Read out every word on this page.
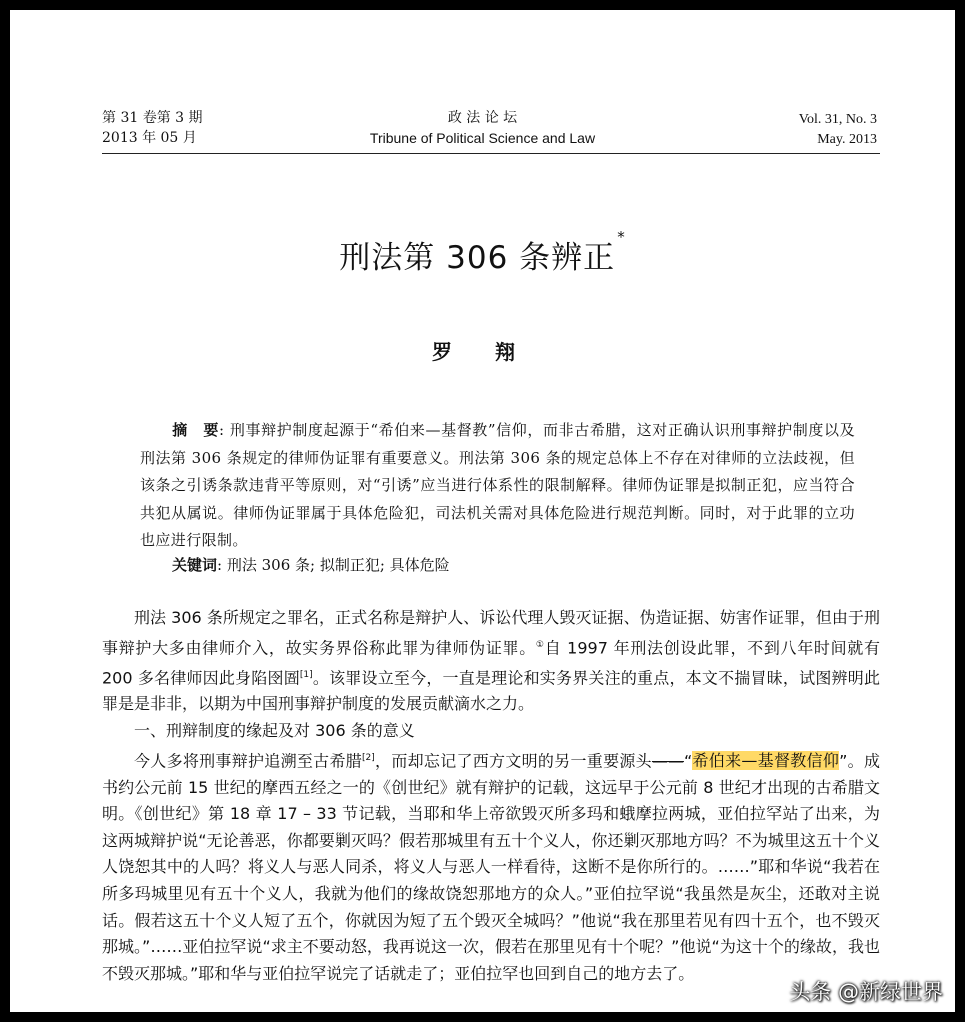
第 31 卷第 3 期
2013 年 05 月
政 法 论 坛
Tribune of Political Science and Law
Vol. 31, No. 3
May. 2013
刑法第 306 条辨正*
罗 翔
摘　要: 刑事辩护制度起源于“希伯来—基督教”信仰，而非古希腊，这对正确认识刑事辩护制度以及刑法第 306 条规定的律师伪证罪有重要意义。刑法第 306 条的规定总体上不存在对律师的立法歧视，但该条之引诱条款违背平等原则，对“引诱”应当进行体系性的限制解释。律师伪证罪是拟制正犯，应当符合共犯从属说。律师伪证罪属于具体危险犯，司法机关需对具体危险进行规范判断。同时，对于此罪的立功也应进行限制。
关键词: 刑法 306 条; 拟制正犯; 具体危险

刑法 306 条所规定之罪名，正式名称是辩护人、诉讼代理人毁灭证据、伪造证据、妨害作证罪，但由于刑事辩护大多由律师介入，故实务界俗称此罪为律师伪证罪。①自 1997 年刑法创设此罪，不到八年时间就有 200 多名律师因此身陷囹圄[1]。该罪设立至今，一直是理论和实务界关注的重点，本文不揣冒昧，试图辨明此罪是是非非，以期为中国刑事辩护制度的发展贡献滴水之力。

一、刑辩制度的缘起及对 306 条的意义

今人多将刑事辩护追溯至古希腊[2]，而却忘记了西方文明的另一重要源头——“希伯来—基督教信仰”。成书约公元前 15 世纪的摩西五经之一的《创世纪》就有辩护的记载，这远早于公元前 8 世纪才出现的古希腊文明。《创世纪》第 18 章 17 – 33 节记载，当耶和华上帝欲毁灭所多玛和蛾摩拉两城，亚伯拉罕站了出来，为这两城辩护说“无论善恶，你都要剿灭吗？假若那城里有五十个义人，你还剿灭那地方吗？不为城里这五十个义人饶恕其中的人吗？将义人与恶人同杀，将义人与恶人一样看待，这断不是你所行的。……”耶和华说“我若在所多玛城里见有五十个义人，我就为他们的缘故饶恕那地方的众人。”亚伯拉罕说“我虽然是灰尘，还敢对主说话。假若这五十个义人短了五个，你就因为短了五个毁灭全城吗？”他说“我在那里若见有四十五个，也不毁灭那城。”……亚伯拉罕说“求主不要动怒，我再说这一次，假若在那里见有十个呢？”他说“为这十个的缘故，我也不毁灭那城。”耶和华与亚伯拉罕说完了话就走了；亚伯拉罕也回到自己的地方去了。

头条 @新绿世界
